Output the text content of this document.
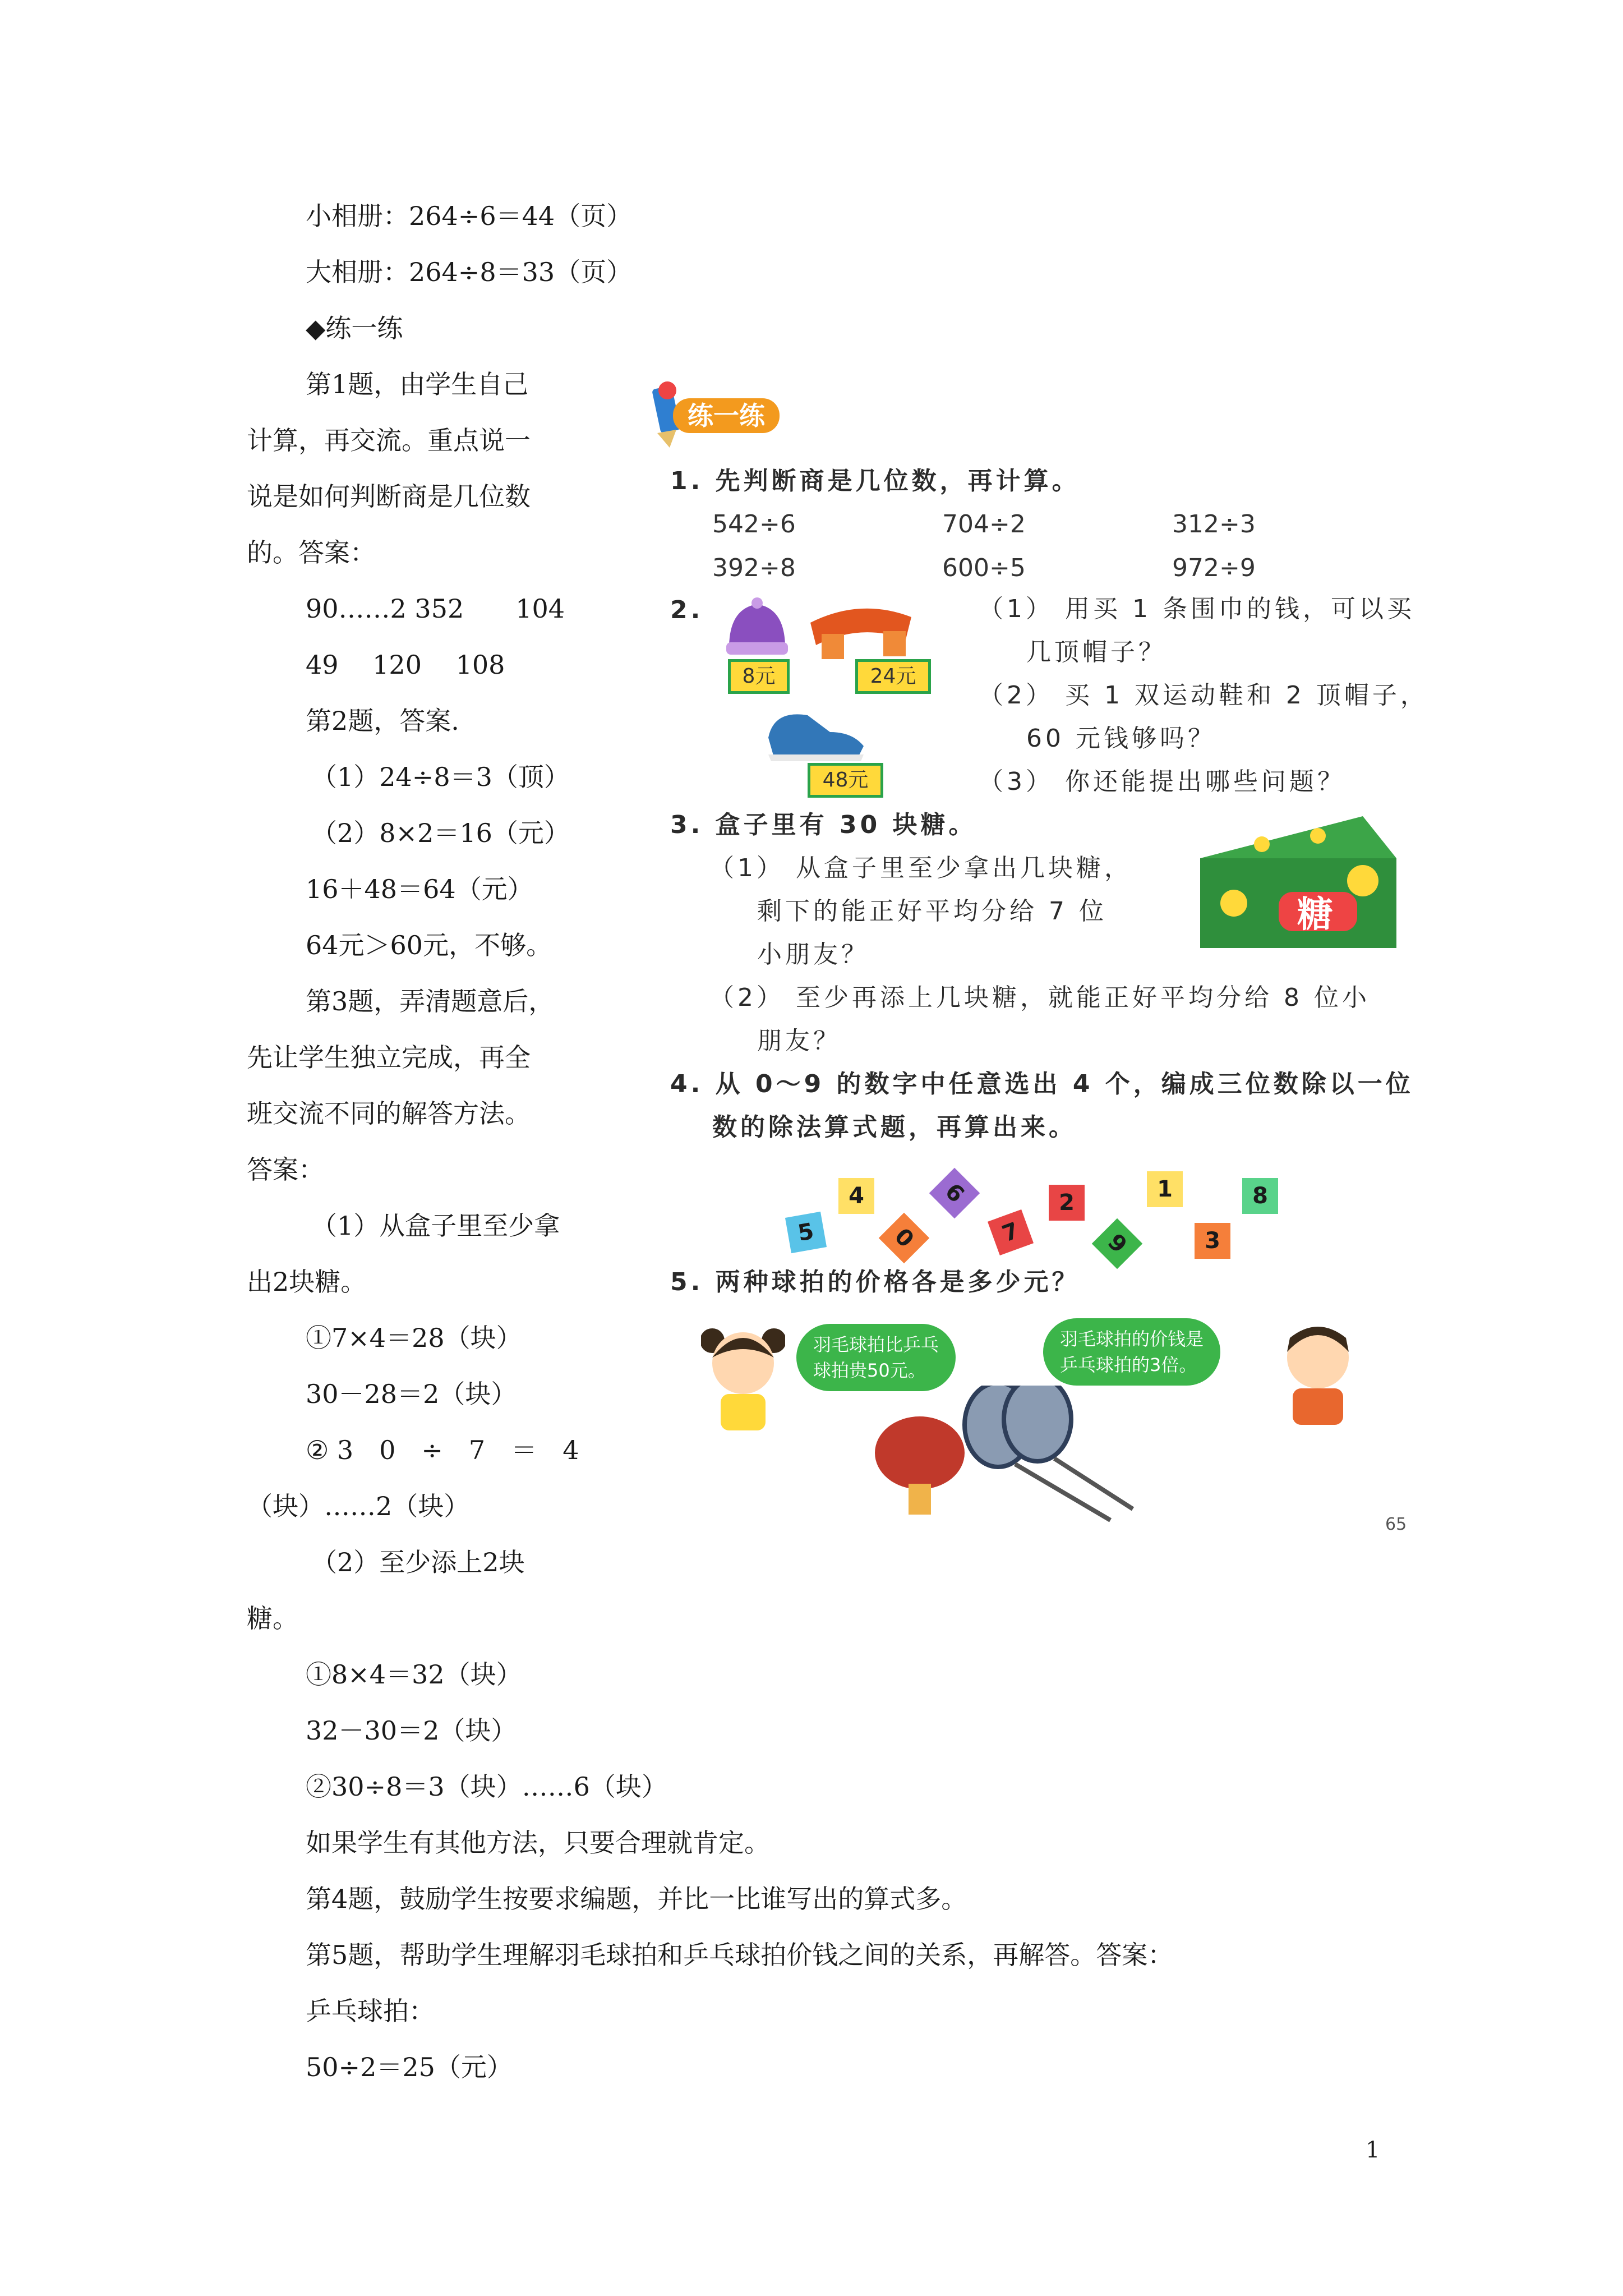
小相册：264÷6＝44（页）
大相册：264÷8＝33（页）
◆练一练
第1题，由学生自己
计算，再交流。重点说一
说是如何判断商是几位数
的。答案：
90……2 352　　104
49　 120　 108
第2题，答案.
（1）24÷8＝3（顶）
（2）8×2＝16（元）
16＋48＝64（元）
64元＞60元，不够。
第3题，弄清题意后，
先让学生独立完成，再全
班交流不同的解答方法。
答案：
（1）从盒子里至少拿
出2块糖。
①7×4＝28（块）
30－28＝2（块）
② 3　0　÷　7　＝　4
（块）……2（块）
（2）至少添上2块
糖。
①8×4＝32（块）
32－30＝2（块）
②30÷8＝3（块）……6（块）
如果学生有其他方法，只要合理就肯定。
第4题，鼓励学生按要求编题，并比一比谁写出的算式多。
第5题，帮助学生理解羽毛球拍和乒乓球拍价钱之间的关系，再解答。答案：
乒乓球拍：
50÷2＝25（元）
练一练
1. 先判断商是几位数，再计算。
542÷6	704÷2	312÷3
392÷8	600÷5	972÷9
2.
8元	24元
48元
（1） 用买 1 条围巾的钱，可以买
几顶帽子？
（2） 买 1 双运动鞋和 2 顶帽子，
60 元钱够吗？
（3） 你还能提出哪些问题？
3. 盒子里有 30 块糖。
（1） 从盒子里至少拿出几块糖，
剩下的能正好平均分给 7 位
小朋友？
（2） 至少再添上几块糖，就能正好平均分给 8 位小
朋友？
糖
4. 从 0～9 的数字中任意选出 4 个，编成三位数除以一位
数的除法算式题，再算出来。
5
4
0
6
7
2
9
1
3
8
5. 两种球拍的价格各是多少元？
羽毛球拍比乒乓
球拍贵50元。
羽毛球拍的价钱是
乒乓球拍的3倍。
65
1
